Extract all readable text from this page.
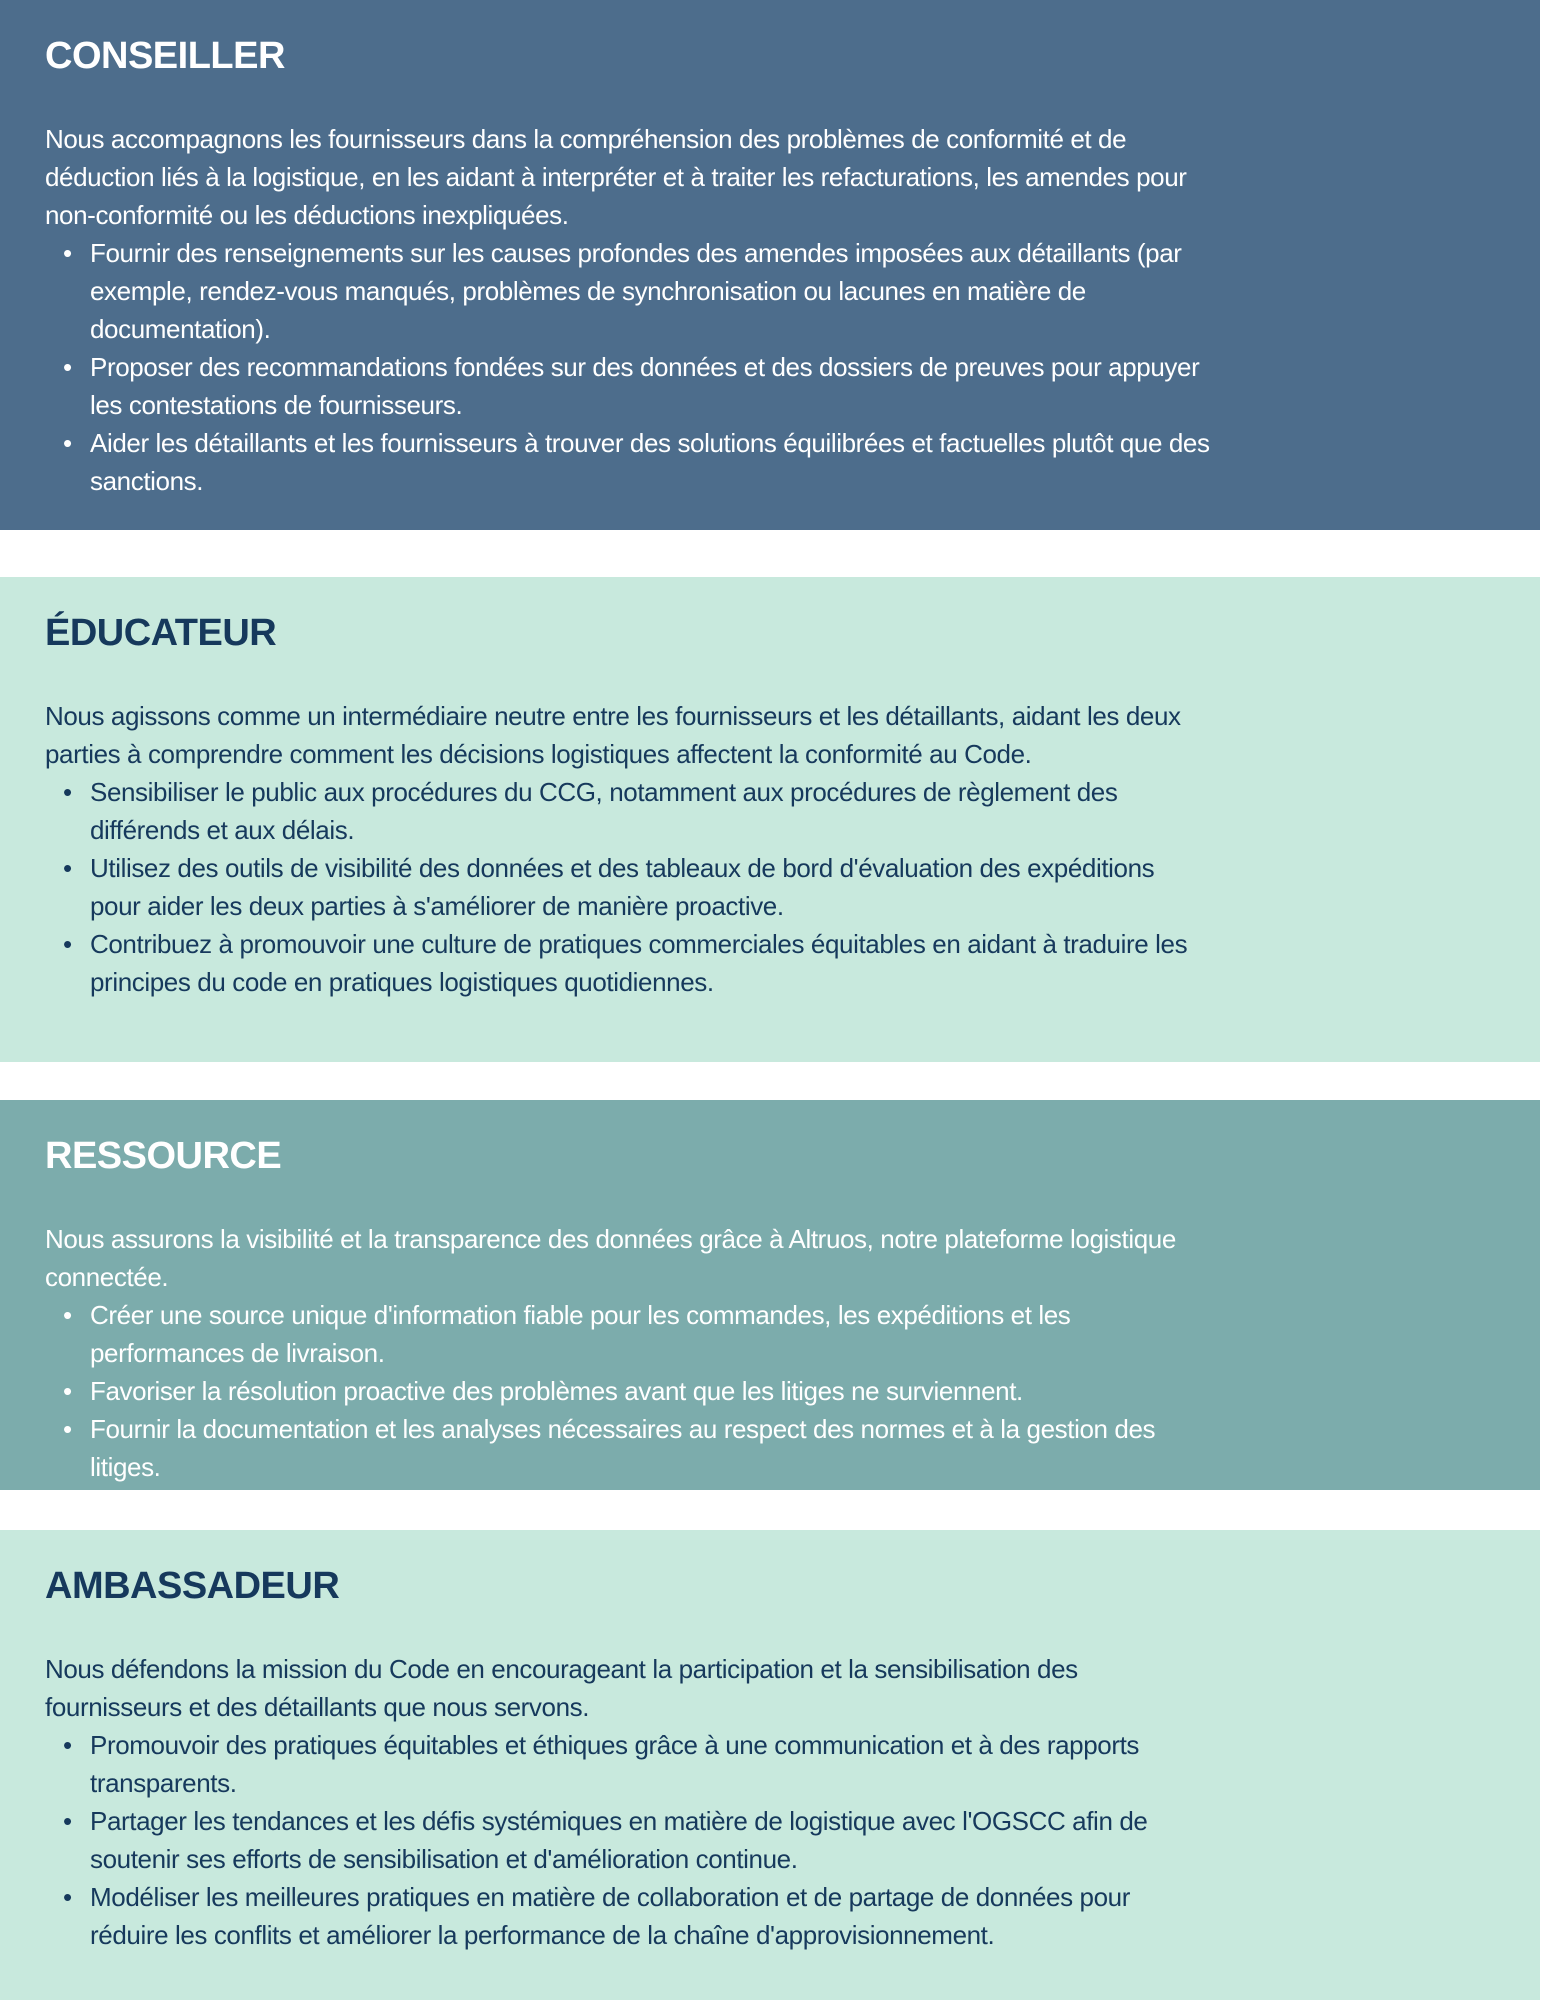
CONSEILLER

Nous accompagnons les fournisseurs dans la compréhension des problèmes de conformité et de déduction liés à la logistique, en les aidant à interpréter et à traiter les refacturations, les amendes pour non-conformité ou les déductions inexpliquées.

• Fournir des renseignements sur les causes profondes des amendes imposées aux détaillants (par exemple, rendez-vous manqués, problèmes de synchronisation ou lacunes en matière de documentation).
• Proposer des recommandations fondées sur des données et des dossiers de preuves pour appuyer les contestations de fournisseurs.
• Aider les détaillants et les fournisseurs à trouver des solutions équilibrées et factuelles plutôt que des sanctions.
ÉDUCATEUR

Nous agissons comme un intermédiaire neutre entre les fournisseurs et les détaillants, aidant les deux parties à comprendre comment les décisions logistiques affectent la conformité au Code.

• Sensibiliser le public aux procédures du CCG, notamment aux procédures de règlement des différends et aux délais.
• Utilisez des outils de visibilité des données et des tableaux de bord d'évaluation des expéditions pour aider les deux parties à s'améliorer de manière proactive.
• Contribuez à promouvoir une culture de pratiques commerciales équitables en aidant à traduire les principes du code en pratiques logistiques quotidiennes.
RESSOURCE

Nous assurons la visibilité et la transparence des données grâce à Altruos, notre plateforme logistique connectée.

• Créer une source unique d'information fiable pour les commandes, les expéditions et les performances de livraison.
• Favoriser la résolution proactive des problèmes avant que les litiges ne surviennent.
• Fournir la documentation et les analyses nécessaires au respect des normes et à la gestion des litiges.
AMBASSADEUR

Nous défendons la mission du Code en encourageant la participation et la sensibilisation des fournisseurs et des détaillants que nous servons.

• Promouvoir des pratiques équitables et éthiques grâce à une communication et à des rapports transparents.
• Partager les tendances et les défis systémiques en matière de logistique avec l'OGSCC afin de soutenir ses efforts de sensibilisation et d'amélioration continue.
• Modéliser les meilleures pratiques en matière de collaboration et de partage de données pour réduire les conflits et améliorer la performance de la chaîne d'approvisionnement.
